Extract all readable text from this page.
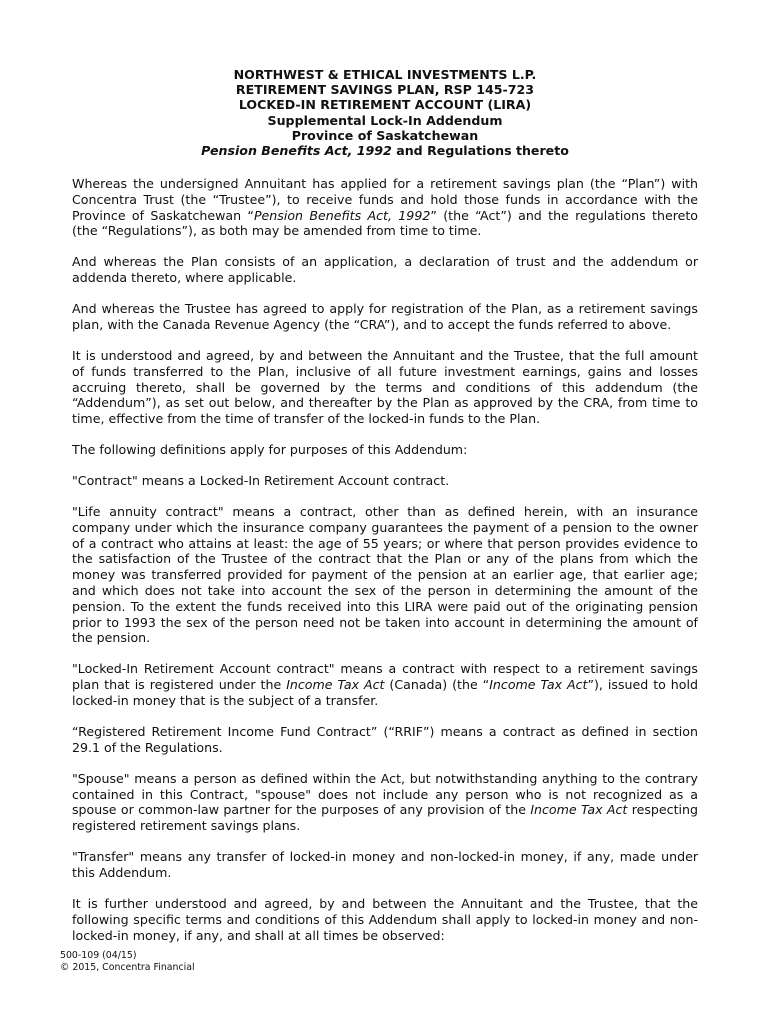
NORTHWEST & ETHICAL INVESTMENTS L.P.
RETIREMENT SAVINGS PLAN, RSP 145-723
LOCKED-IN RETIREMENT ACCOUNT (LIRA)
Supplemental Lock-In Addendum
Province of Saskatchewan
Pension Benefits Act, 1992 and Regulations thereto

Whereas the undersigned Annuitant has applied for a retirement savings plan (the “Plan”) with Concentra Trust (the “Trustee”), to receive funds and hold those funds in accordance with the Province of Saskatchewan “Pension Benefits Act, 1992” (the “Act”) and the regulations thereto (the “Regulations”), as both may be amended from time to time.

And whereas the Plan consists of an application, a declaration of trust and the addendum or addenda thereto, where applicable.

And whereas the Trustee has agreed to apply for registration of the Plan, as a retirement savings plan, with the Canada Revenue Agency (the “CRA”), and to accept the funds referred to above.

It is understood and agreed, by and between the Annuitant and the Trustee, that the full amount of funds transferred to the Plan, inclusive of all future investment earnings, gains and losses accruing thereto, shall be governed by the terms and conditions of this addendum (the “Addendum”), as set out below, and thereafter by the Plan as approved by the CRA, from time to time, effective from the time of transfer of the locked-in funds to the Plan.

The following definitions apply for purposes of this Addendum:

"Contract" means a Locked-In Retirement Account contract.

"Life annuity contract" means a contract, other than as defined herein, with an insurance company under which the insurance company guarantees the payment of a pension to the owner of a contract who attains at least: the age of 55 years; or where that person provides evidence to the satisfaction of the Trustee of the contract that the Plan or any of the plans from which the money was transferred provided for payment of the pension at an earlier age, that earlier age; and which does not take into account the sex of the person in determining the amount of the pension. To the extent the funds received into this LIRA were paid out of the originating pension prior to 1993 the sex of the person need not be taken into account in determining the amount of the pension.

"Locked-In Retirement Account contract" means a contract with respect to a retirement savings plan that is registered under the Income Tax Act (Canada) (the “Income Tax Act”), issued to hold locked-in money that is the subject of a transfer.

“Registered Retirement Income Fund Contract” (“RRIF”) means a contract as defined in section 29.1 of the Regulations.

"Spouse" means a person as defined within the Act, but notwithstanding anything to the contrary contained in this Contract, "spouse" does not include any person who is not recognized as a spouse or common-law partner for the purposes of any provision of the Income Tax Act respecting registered retirement savings plans.

"Transfer" means any transfer of locked-in money and non-locked-in money, if any, made under this Addendum.

It is further understood and agreed, by and between the Annuitant and the Trustee, that the following specific terms and conditions of this Addendum shall apply to locked-in money and non-locked-in money, if any, and shall at all times be observed:

500-109 (04/15)
© 2015, Concentra Financial
